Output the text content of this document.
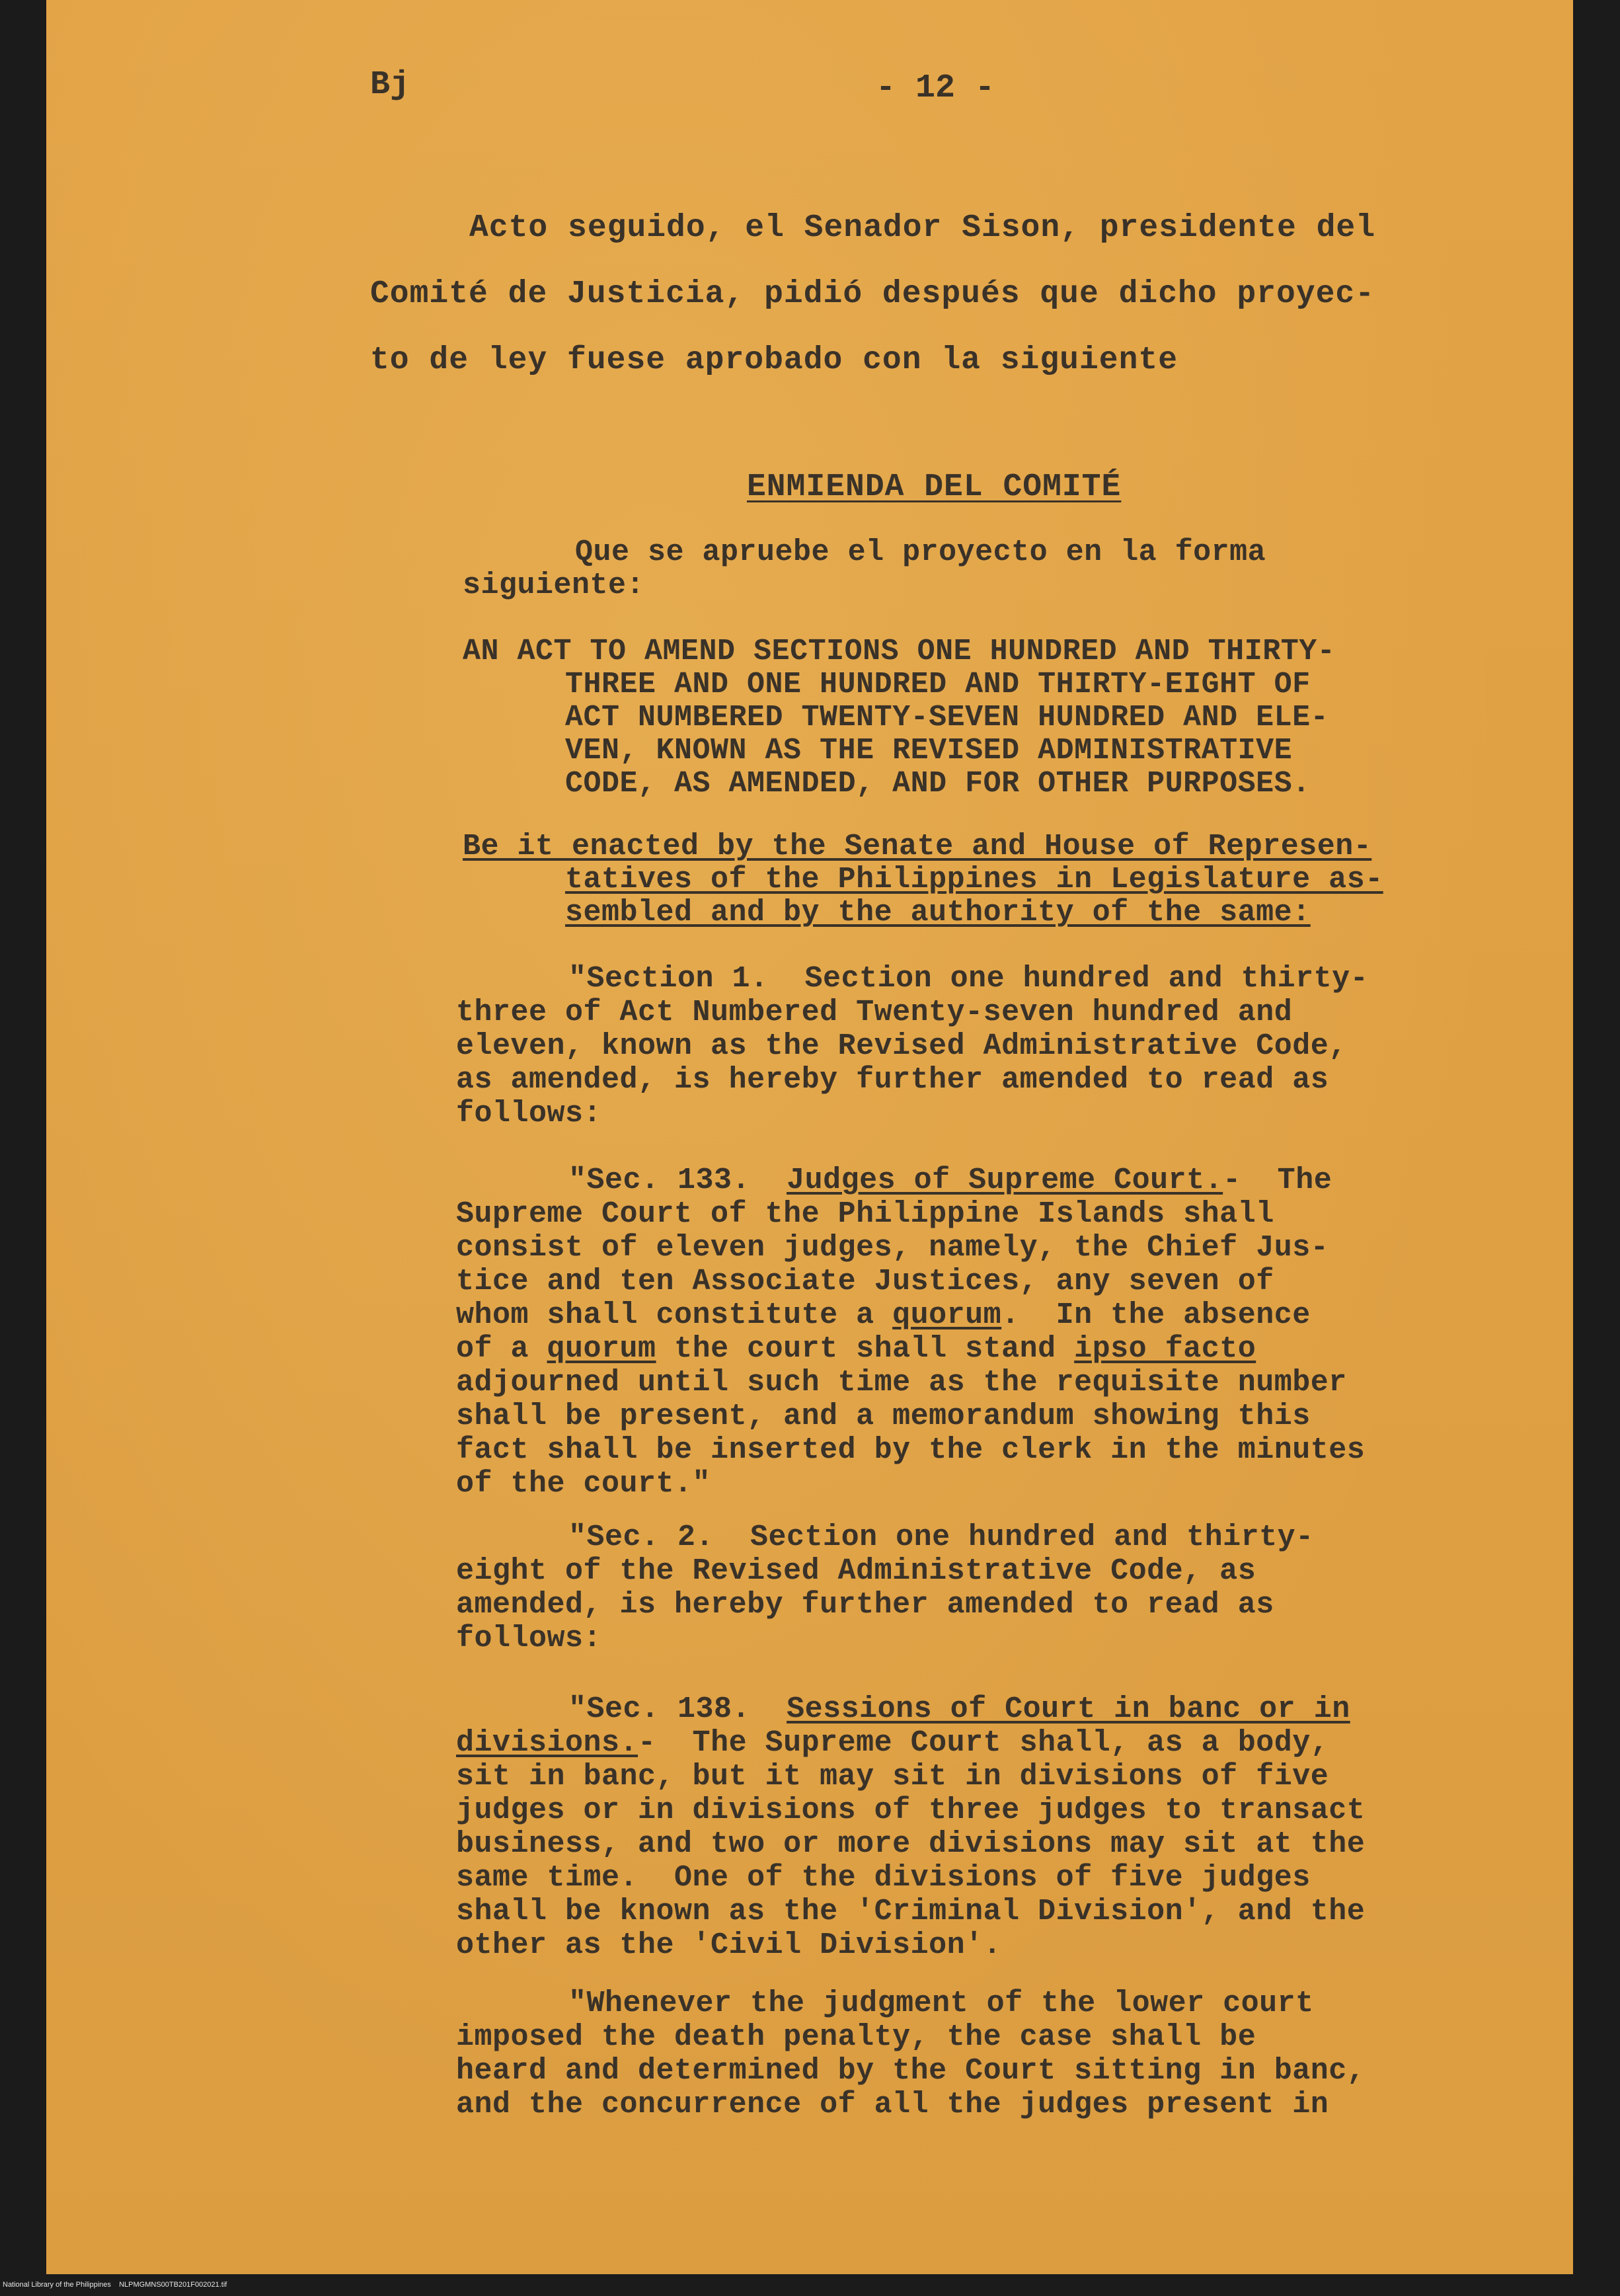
Bj	- 12 -
Acto seguido, el Senador Sison, presidente del
Comité de Justicia, pidió después que dicho proyec-
to de ley fuese aprobado con la siguiente
ENMIENDA DEL COMITÉ
Que se apruebe el proyecto en la forma
siguiente:
AN ACT TO AMEND SECTIONS ONE HUNDRED AND THIRTY-
THREE AND ONE HUNDRED AND THIRTY-EIGHT OF
ACT NUMBERED TWENTY-SEVEN HUNDRED AND ELE-
VEN, KNOWN AS THE REVISED ADMINISTRATIVE
CODE, AS AMENDED, AND FOR OTHER PURPOSES.
Be it enacted by the Senate and House of Represen-
tatives of the Philippines in Legislature as-
sembled and by the authority of the same:

"Section 1.  Section one hundred and thirty-

three of Act Numbered Twenty-seven hundred and

eleven, known as the Revised Administrative Code,

as amended, is hereby further amended to read as

follows:

"Sec. 133.  Judges of Supreme Court.-  The

Supreme Court of the Philippine Islands shall

consist of eleven judges, namely, the Chief Jus-

tice and ten Associate Justices, any seven of

whom shall constitute a quorum.  In the absence

of a quorum the court shall stand ipso facto

adjourned until such time as the requisite number

shall be present, and a memorandum showing this

fact shall be inserted by the clerk in the minutes

of the court."

"Sec. 2.  Section one hundred and thirty-

eight of the Revised Administrative Code, as

amended, is hereby further amended to read as

follows:

"Sec. 138.  Sessions of Court in banc or in

divisions.-  The Supreme Court shall, as a body,

sit in banc, but it may sit in divisions of five

judges or in divisions of three judges to transact

business, and two or more divisions may sit at the

same time.  One of the divisions of five judges

shall be known as the 'Criminal Division', and the

other as the 'Civil Division'.

"Whenever the judgment of the lower court

imposed the death penalty, the case shall be

heard and determined by the Court sitting in banc,

and the concurrence of all the judges present in

National Library of the Philippines    NLPMGMNS00TB201F002021.tif
